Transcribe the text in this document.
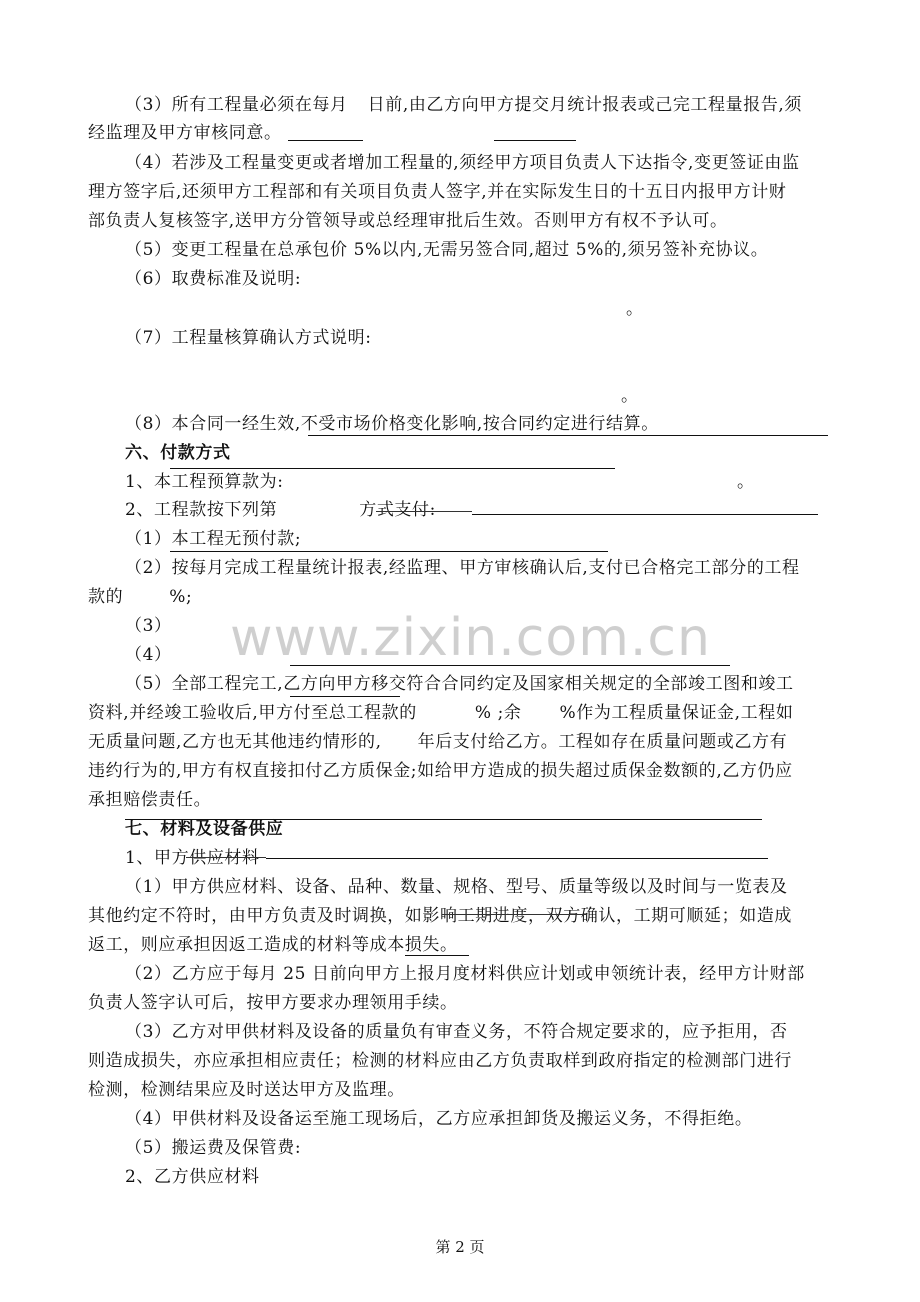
（3）所有工程量必须在每月 日前,由乙方向甲方提交月统计报表或己完工程量报告,须
经监理及甲方审核同意。
（4）若涉及工程量变更或者增加工程量的,须经甲方项目负责人下达指令,变更签证由监
理方签字后,还须甲方工程部和有关项目负责人签字,并在实际发生日的十五日内报甲方计财
部负责人复核签字,送甲方分管领导或总经理审批后生效。否则甲方有权不予认可。
（5）变更工程量在总承包价 5%以内,无需另签合同,超过 5%的,须另签补充协议。
（6）取费标准及说明:
。
（7）工程量核算确认方式说明:
。
（8）本合同一经生效,不受市场价格变化影响,按合同约定进行结算。
六、付款方式
1、本工程预算款为:	。
2、工程款按下列第	方式支付:
（1）本工程无预付款;
（2）按每月完成工程量统计报表,经监理、甲方审核确认后,支付已合格完工部分的工程
款的	%;
（3）
（4）
（5）全部工程完工,乙方向甲方移交符合合同约定及国家相关规定的全部竣工图和竣工
资料,并经竣工验收后,甲方付至总工程款的	% ;余 %作为工程质量保证金,工程如
无质量问题,乙方也无其他违约情形的, 年后支付给乙方。工程如存在质量问题或乙方有
违约行为的,甲方有权直接扣付乙方质保金;如给甲方造成的损失超过质保金数额的,乙方仍应
承担赔偿责任。
七、材料及设备供应
1、甲方供应材料
（1）甲方供应材料、设备、品种、数量、规格、型号、质量等级以及时间与一览表及
其他约定不符时，由甲方负责及时调换，如影响工期进度，双方确认，工期可顺延；如造成
返工，则应承担因返工造成的材料等成本损失。
（2）乙方应于每月 25 日前向甲方上报月度材料供应计划或申领统计表，经甲方计财部
负责人签字认可后，按甲方要求办理领用手续。
（3）乙方对甲供材料及设备的质量负有审查义务，不符合规定要求的，应予拒用，否
则造成损失，亦应承担相应责任；检测的材料应由乙方负责取样到政府指定的检测部门进行
检测，检测结果应及时送达甲方及监理。
（4）甲供材料及设备运至施工现场后，乙方应承担卸货及搬运义务，不得拒绝。
（5）搬运费及保管费:
2、乙方供应材料
www.zixin.com.cn
第 2 页
